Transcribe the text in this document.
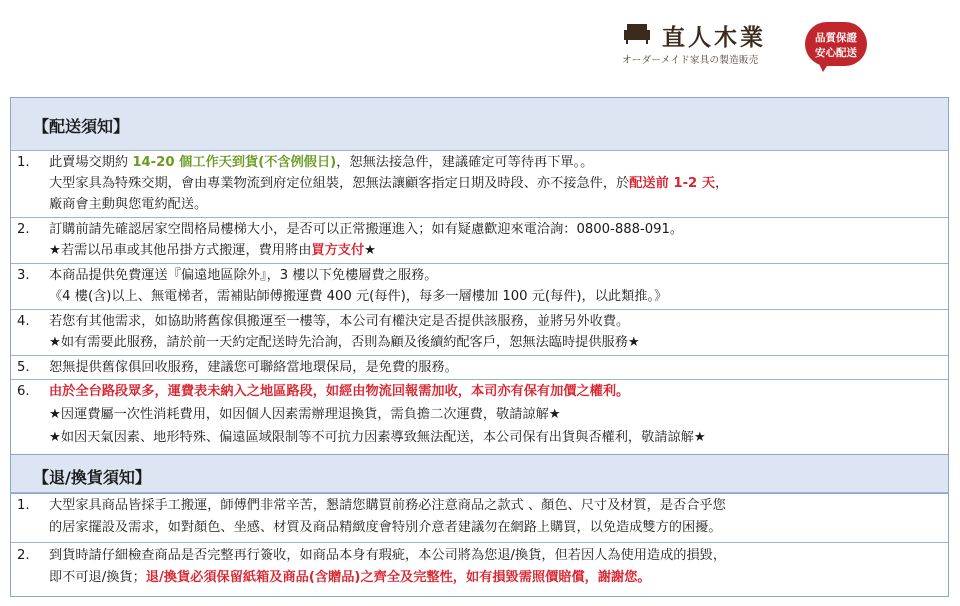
直人木業
オーダーメイド家具の製造販売
品質保證
安心配送
【配送須知】
1. 此賣場交期約 14-20 個工作天到貨(不含例假日)，恕無法接急件，建議確定可等待再下單。。
大型家具為特殊交期，會由專業物流到府定位組裝，恕無法讓顧客指定日期及時段、亦不接急件，於配送前 1-2 天，
廠商會主動與您電約配送。
2. 訂購前請先確認居家空間格局樓梯大小，是否可以正常搬運進入；如有疑慮歡迎來電洽詢：0800-888-091。
★若需以吊車或其他吊掛方式搬運，費用將由買方支付★
3. 本商品提供免費運送『偏遠地區除外』，3 樓以下免樓層費之服務。
《4 樓(含)以上、無電梯者，需補貼師傅搬運費 400 元(每件)，每多一層樓加 100 元(每件)，以此類推。》
4. 若您有其他需求，如協助將舊傢俱搬運至一樓等，本公司有權決定是否提供該服務，並將另外收費。
★如有需要此服務，請於前一天約定配送時先洽詢，否則為顧及後續約配客戶，恕無法臨時提供服務★
5. 恕無提供舊傢俱回收服務，建議您可聯絡當地環保局，是免費的服務。
6. 由於全台路段眾多，運費表未納入之地區路段，如經由物流回報需加收，本司亦有保有加價之權利。
★因運費屬一次性消耗費用，如因個人因素需辦理退換貨，需負擔二次運費，敬請諒解★
★如因天氣因素、地形特殊、偏遠區域限制等不可抗力因素導致無法配送，本公司保有出貨與否權利，敬請諒解★
【退/換貨須知】
1. 大型家具商品皆採手工搬運，師傅們非常辛苦，懇請您購買前務必注意商品之款式 、顏色、尺寸及材質，是否合乎您
的居家擺設及需求，如對顏色、坐感、材質及商品精緻度會特別介意者建議勿在網路上購買，以免造成雙方的困擾。
2. 到貨時請仔細檢查商品是否完整再行簽收，如商品本身有瑕疵，本公司將為您退/換貨，但若因人為使用造成的損毀，
即不可退/換貨；退/換貨必須保留紙箱及商品(含贈品)之齊全及完整性，如有損毀需照價賠償，謝謝您。
